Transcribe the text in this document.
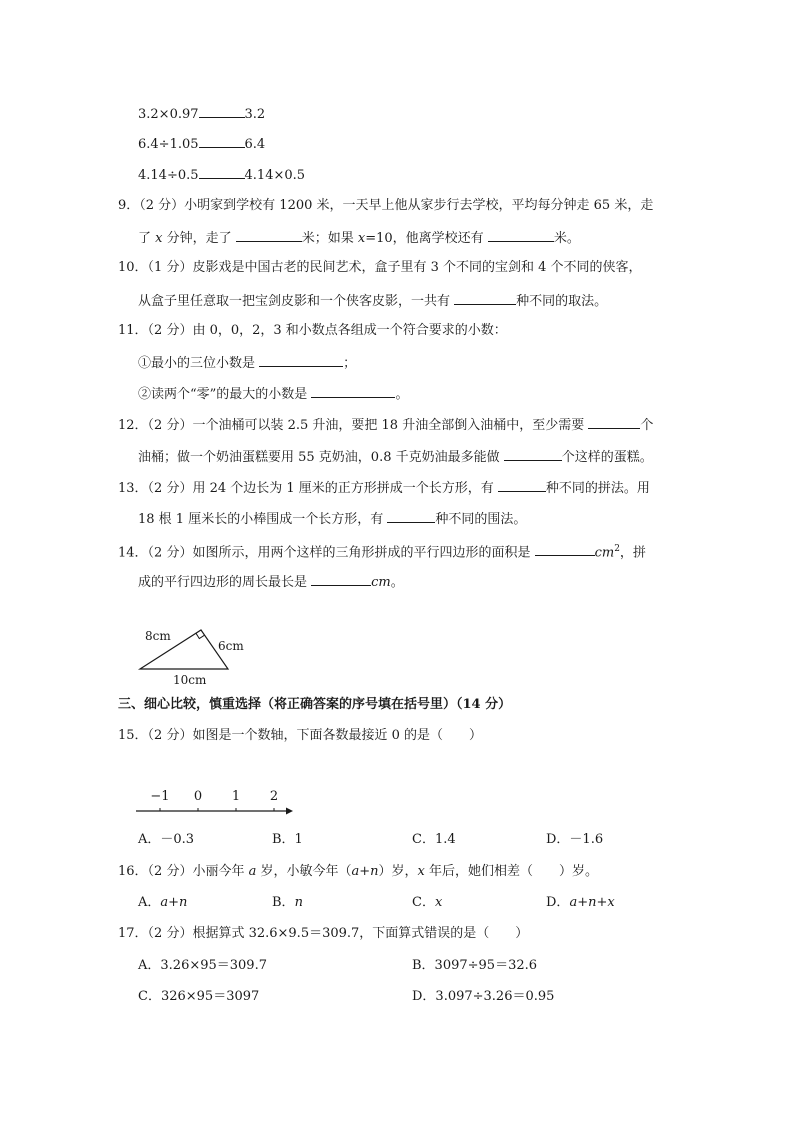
3.2×0.97	3.2
6.4÷1.05	6.4
4.14÷0.5	4.14×0.5
9．（2 分）小明家到学校有 1200 米，一天早上他从家步行去学校，平均每分钟走 65 米，走
了 x 分钟，走了	米；如果 x=10，他离学校还有	米。
10．（1 分）皮影戏是中国古老的民间艺术，盒子里有 3 个不同的宝剑和 4 个不同的侠客，
从盒子里任意取一把宝剑皮影和一个侠客皮影，一共有	种不同的取法。
11．（2 分）由 0，0，2，3 和小数点各组成一个符合要求的小数：
①最小的三位小数是	；
②读两个“零”的最大的小数是	。
12．（2 分）一个油桶可以装 2.5 升油，要把 18 升油全部倒入油桶中，至少需要	个
油桶；做一个奶油蛋糕要用 55 克奶油，0.8 千克奶油最多能做	个这样的蛋糕。
13．（2 分）用 24 个边长为 1 厘米的正方形拼成一个长方形，有	种不同的拼法。用
18 根 1 厘米长的小棒围成一个长方形，有	种不同的围法。
14．（2 分）如图所示，用两个这样的三角形拼成的平行四边形的面积是	$cm^2$，拼
成的平行四边形的周长最长是	cm。
8cm
6cm
10cm
三、细心比较，慎重选择（将正确答案的序号填在括号里）（14 分）
15．（2 分）如图是一个数轴，下面各数最接近 0 的是（　　）
−1 0 1 2
A．－0.3	B．1	C．1.4	D．－1.6
16．（2 分）小丽今年 a 岁，小敏今年（a+n）岁，x 年后，她们相差（　　）岁。
A．a+n	B．n	C．x	D．a+n+x
17．（2 分）根据算式 32.6×9.5＝309.7，下面算式错误的是（　　）
A．3.26×95＝309.7	B．3097÷95＝32.6
C．326×95＝3097	D．3.097÷3.26＝0.95
